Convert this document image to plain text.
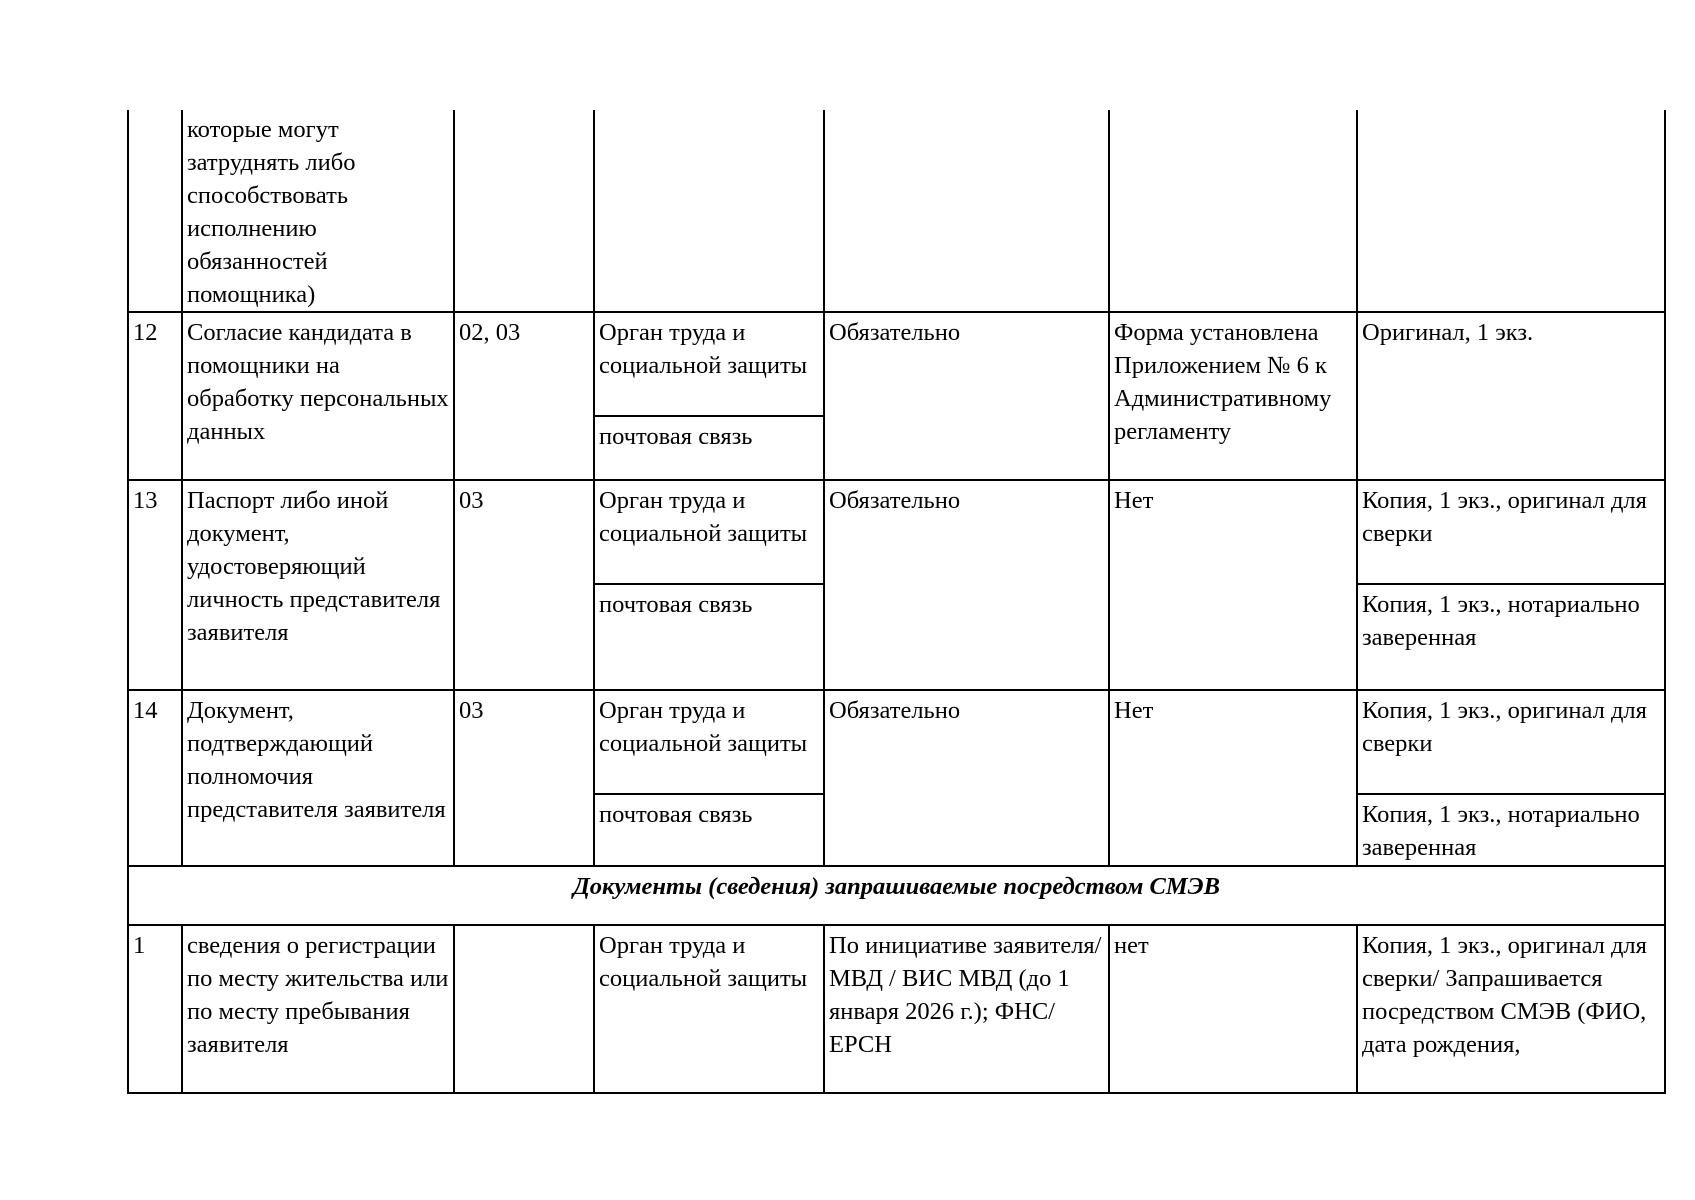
	которые могут затруднять либо способствовать исполнению обязанностей помощника)					
12	Согласие кандидата в помощники на обработку персональных данных	02, 03	Орган труда и социальной защиты	Обязательно	Форма установлена Приложением № 6 к Административному регламенту	Оригинал, 1 экз.
			почтовая связь			
13	Паспорт либо иной документ, удостоверяющий личность представителя заявителя	03	Орган труда и социальной защиты	Обязательно	Нет	Копия, 1 экз., оригинал для сверки
			почтовая связь			Копия, 1 экз., нотариально заверенная
14	Документ, подтверждающий полномочия представителя заявителя	03	Орган труда и социальной защиты	Обязательно	Нет	Копия, 1 экз., оригинал для сверки
			почтовая связь			Копия, 1 экз., нотариально заверенная
Документы (сведения) запрашиваемые посредством СМЭВ						
1	сведения о регистрации по месту жительства или по месту пребывания заявителя		Орган труда и социальной защиты	По инициативе заявителя/ МВД / ВИС МВД (до 1 января 2026 г.); ФНС/ЕРСН	нет	Копия, 1 экз., оригинал для сверки/ Запрашивается посредством СМЭВ (ФИО, дата рождения,
